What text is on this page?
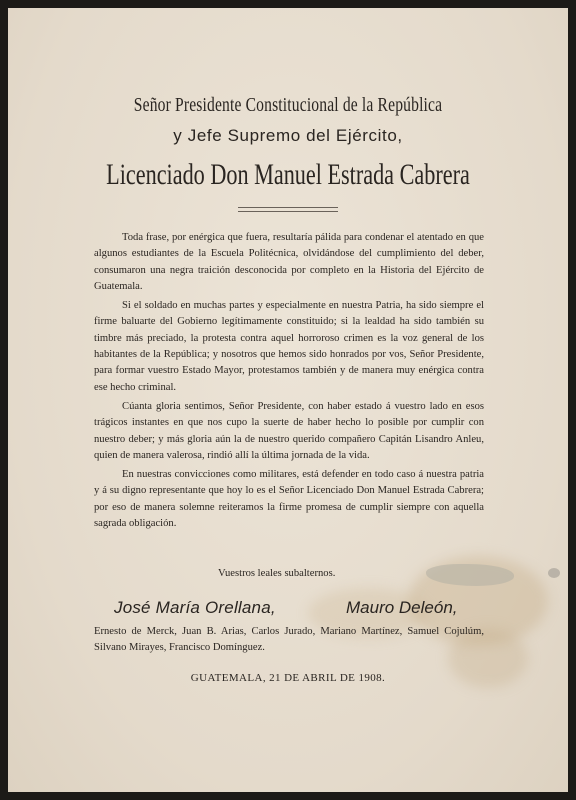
Señor Presidente Constitucional de la República
y Jefe Supremo del Ejército,
Licenciado Don Manuel Estrada Cabrera

Toda frase, por enérgica que fuera, resultaría pálida para condenar el atentado en que algunos estudiantes de la Escuela Politécnica, olvidándose del cumplimiento del deber, consumaron una negra traición desconocida por completo en la Historia del Ejército de Guatemala.

Si el soldado en muchas partes y especialmente en nuestra Patria, ha sido siempre el firme baluarte del Gobierno legítimamente constituido; si la lealdad ha sido también su timbre más preciado, la protesta contra aquel horroroso crimen es la voz general de los habitantes de la República; y nosotros que hemos sido honrados por vos, Señor Presidente, para formar vuestro Estado Mayor, protestamos también y de manera muy enérgica contra ese hecho criminal.

Cúanta gloria sentimos, Señor Presidente, con haber estado á vuestro lado en esos trágicos instantes en que nos cupo la suerte de haber hecho lo posible por cumplir con nuestro deber; y más gloria aún la de nuestro querido compañero Capitán Lisandro Anleu, quien de manera valerosa, rindió allí la última jornada de la vida.

En nuestras convicciones como militares, está defender en todo caso á nuestra patria y á su digno representante que hoy lo es el Señor Licenciado Don Manuel Estrada Cabrera; por eso de manera solemne reiteramos la firme promesa de cumplir siempre con aquella sagrada obligación.

Vuestros leales subalternos.
José María Orellana,	Mauro Deleón,
Ernesto de Merck, Juan B. Arias, Carlos Jurado, Mariano Martínez, Samuel Cojulúm, Silvano Mirayes, Francisco Domínguez.
GUATEMALA, 21 DE ABRIL DE 1908.
